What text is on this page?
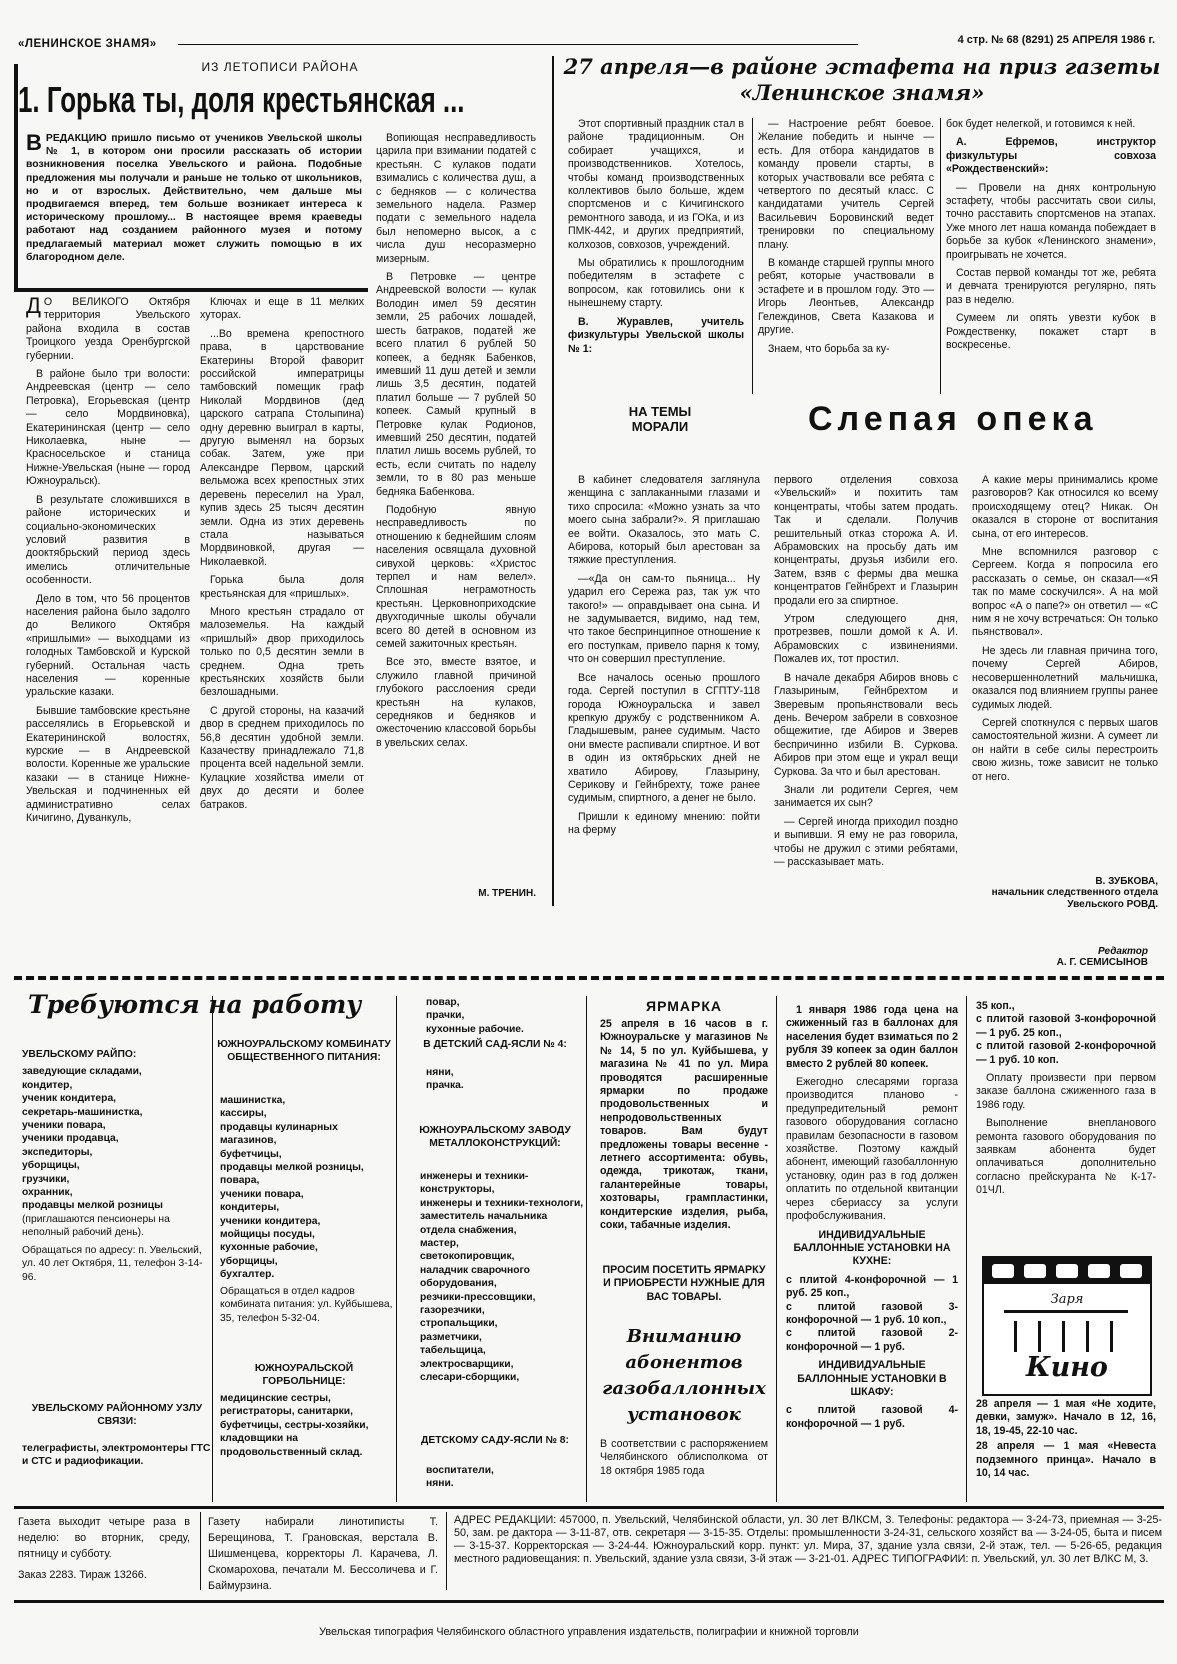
«ЛЕНИНСКОЕ ЗНАМЯ»	4 стр. № 68 (8291) 25 АПРЕЛЯ 1986 г.
ИЗ ЛЕТОПИСИ РАЙОНА
1. Горька ты, доля крестьянская ...
ВРЕДАКЦИЮ пришло письмо от учеников Увельской школы № 1, в котором они просили рассказать об истории возникновения поселка Увельского и района. Подобные предложения мы получали и раньше не только от школьников, но и от взрослых. Действительно, чем дальше мы продвигаемся вперед, тем больше возникает интереса к историческому прошлому... В настоящее время краеведы работают над созданием районного музея и потому предлагаемый материал может служить помощью в их благородном деле.

Вопиющая несправедливость царила при взимании податей с крестьян. С кулаков подати взимались с количества душ, а с бедняков — с количества земельного надела. Размер подати с земельного надела был непомерно высок, а с числа душ несоразмерно мизерным.

В Петровке — центре Андреевской волости — кулак Володин имел 59 десятин земли, 25 рабочих лошадей, шесть батраков, податей же всего платил 6 рублей 50 копеек, а бедняк Бабенков, имевший 11 душ детей и земли лишь 3,5 десятин, податей платил больше — 7 рублей 50 копеек. Самый крупный в Петровке кулак Родионов, имевший 250 десятин, податей платил лишь восемь рублей, то есть, если считать по наделу земли, то в 80 раз меньше бедняка Бабенкова.

Подобную явную несправедливость по отношению к беднейшим слоям населения освящала духовной сивухой церковь: «Христос терпел и нам велел». Сплошная неграмотность крестьян. Церковноприходские двухгодичные школы обучали всего 80 детей в основном из семей зажиточных крестьян.

Все это, вместе взятое, и служило главной причиной глубокого расслоения среди крестьян на кулаков, середняков и бедняков и ожесточению классовой борьбы в увельских селах.

М. ТРЕНИН.

Д О ВЕЛИКОГО Октября территория Увельского района входила в состав Троицкого уезда Оренбургской губернии.

В районе было три волости: Андреевская (центр — село Петровка), Егорьевская (центр — село Мордвиновка), Екатерининская (центр — село Николаевка, ныне — Красносельское и станица Нижне-Увельская (ныне — город Южноуральск).

В результате сложившихся в районе исторических и социально-экономических условий развития в дооктябрьский период здесь имелись отличительные особенности.

Дело в том, что 56 процентов населения района было задолго до Великого Октября «пришлыми» — выходцами из голодных Тамбовской и Курской губерний. Остальная часть населения — коренные уральские казаки.

Бывшие тамбовские крестьяне расселялись в Егорьевской и Екатерининской волостях, курские — в Андреевской волости. Коренные же уральские казаки — в станице Нижне-Увельская и подчиненных ей административно селах Кичигино, Дуванкуль,

Ключах и еще в 11 мелких хуторах.

...Во времена крепостного права, в царствование Екатерины Второй фаворит российской императрицы тамбовский помещик граф Николай Мордвинов (дед царского сатрапа Столыпина) одну деревню выиграл в карты, другую выменял на борзых собак. Затем, уже при Александре Первом, царский вельможа всех крепостных этих деревень переселил на Урал, купив здесь 25 тысяч десятин земли. Одна из этих деревень стала называться Мордвиновкой, другая — Николаевкой.

Горька была доля крестьянская для «пришлых».

Много крестьян страдало от малоземелья. На каждый «пришлый» двор приходилось только по 0,5 десятин земли в среднем. Одна треть крестьянских хозяйств были безлошадными.

С другой стороны, на казачий двор в среднем приходилось по 56,8 десятин удобной земли. Казачеству принадлежало 71,8 процента всей надельной земли. Кулацкие хозяйства имели от двух до десяти и более батраков.

27 апреля—в районе эстафета на приз газеты
«Ленинское знамя»

Этот спортивный праздник стал в районе традиционным. Он собирает учащихся, и производственников. Хотелось, чтобы команд производственных коллективов было больше, ждем спортсменов и с Кичигинского ремонтного завода, и из ГОКа, и из ПМК-442, и других предприятий, колхозов, совхозов, учреждений.

Мы обратились к прошлогодним победителям в эстафете с вопросом, как готовились они к нынешнему старту.

В. Журавлев, учитель физкультуры Увельской школы № 1:

— Настроение ребят боевое. Желание победить и нынче — есть. Для отбора кандидатов в команду провели старты, в которых участвовали все ребята с четвертого по десятый класс. С кандидатами учитель Сергей Васильевич Боровинский ведет тренировки по специальному плану.

В команде старшей группы много ребят, которые участвовали в эстафете и в прошлом году. Это — Игорь Леонтьев, Александр Гележдинов, Света Казакова и другие.

Знаем, что борьба за ку-

бок будет нелегкой, и готовимся к ней.

А. Ефремов, инструктор физкультуры совхоза «Рождественский»:

— Провели на днях контрольную эстафету, чтобы рассчитать свои силы, точно расставить спортсменов на этапах. Уже много лет наша команда побеждает в борьбе за кубок «Ленинского знамени», проигрывать не хочется.

Состав первой команды тот же, ребята и девчата тренируются регулярно, пять раз в неделю.

Сумеем ли опять увезти кубок в Рождественку, покажет старт в воскресенье.

НА ТЕМЫ
МОРАЛИ	Слепая опека

В кабинет следователя заглянула женщина с заплаканными глазами и тихо спросила: «Можно узнать за что моего сына забрали?». Я приглашаю ее войти. Оказалось, это мать С. Абирова, который был арестован за тяжкие преступления.

—«Да он сам-то пьяница... Ну ударил его Сережа раз, так уж что такого!» — оправдывает она сына. И не задумывается, видимо, над тем, что такое беспринципное отношение к его поступкам, привело парня к тому, что он совершил преступление.

Все началось осенью прошлого года. Сергей поступил в СГПТУ-118 города Южноуральска и завел крепкую дружбу с родственником А. Гладышевым, ранее судимым. Часто они вместе распивали спиртное. И вот в один из октябрьских дней не хватило Абирову, Глазырину, Серикову и Гейнбрехту, тоже ранее судимым, спиртного, а денег не было.

Пришли к единому мнению: пойти на ферму

первого отделения совхоза «Увельский» и похитить там концентраты, чтобы затем продать. Так и сделали. Получив решительный отказ сторожа А. И. Абрамовских на просьбу дать им концентраты, друзья избили его. Затем, взяв с фермы два мешка концентратов Гейнбрехт и Глазырин продали его за спиртное.

Утром следующего дня, протрезвев, пошли домой к А. И. Абрамовских с извинениями. Пожалев их, тот простил.

В начале декабря Абиров вновь с Глазыриным, Гейнбрехтом и Зверевым пропьянствовали весь день. Вечером забрели в совхозное общежитие, где Абиров и Зверев беспричинно избили В. Суркова. Абиров при этом еще и украл вещи Суркова. За что и был арестован.

Знали ли родители Сергея, чем занимается их сын?

— Сергей иногда приходил поздно и выпивши. Я ему не раз говорила, чтобы не дружил с этими ребятами, — рассказывает мать.

А какие меры принимались кроме разговоров? Как относился ко всему происходящему отец? Никак. Он оказался в стороне от воспитания сына, от его интересов.

Мне вспомнился разговор с Сергеем. Когда я попросила его рассказать о семье, он сказал—«Я так по маме соскучился». А на мой вопрос «А о папе?» он ответил — «С ним я не хочу встречаться: Он только пьянствовал».

Не здесь ли главная причина того, почему Сергей Абиров, несовершеннолетний мальчишка, оказался под влиянием группы ранее судимых людей.

Сергей споткнулся с первых шагов самостоятельной жизни. А сумеет ли он найти в себе силы перестроить свою жизнь, тоже зависит не только от него.

В. ЗУБКОВА,
начальник следственного отдела Увельского РОВД.
Редактор
А. Г. СЕМИСЫНОВ
Требуются на работу
УВЕЛЬСКОМУ РАЙПО:
заведующие складами,
кондитер,
ученик кондитера,
секретарь-машинистка,
ученики повара,
ученики продавца,
экспедиторы,
уборщицы,
грузчики,
охранник,
продавцы мелкой розницы
(приглашаются пенсионеры на неполный рабочий день).
Обращаться по адресу: п. Увельский, ул. 40 лет Октября, 11, телефон 3-14-96.
УВЕЛЬСКОМУ РАЙОННОМУ УЗЛУ СВЯЗИ:
телеграфисты, электромонтеры ГТС и СТС и радиофикации.
ЮЖНОУРАЛЬСКОМУ КОМБИНАТУ ОБЩЕСТВЕННОГО ПИТАНИЯ:
машинистка,
кассиры,
продавцы кулинарных магазинов,
буфетчицы,
продавцы мелкой розницы,
повара,
ученики повара,
кондитеры,
ученики кондитера,
мойщицы посуды,
кухонные рабочие,
уборщицы,
бухгалтер.
Обращаться в отдел кадров комбината питания: ул. Куйбышева, 35, телефон 5-32-04.
ЮЖНОУРАЛЬСКОЙ ГОРБОЛЬНИЦЕ:
медицинские сестры, регистраторы, санитарки, буфетчицы, сестры-хозяйки, кладовщики на продовольственный склад.
повар,
прачки,
кухонные рабочие.
В ДЕТСКИЙ САД-ЯСЛИ № 4:
няни,
прачка.
ЮЖНОУРАЛЬСКОМУ ЗАВОДУ МЕТАЛЛОКОНСТРУКЦИЙ:
инженеры и техники-конструкторы,
инженеры и техники-технологи,
заместитель начальника отдела снабжения,
мастер,
светокопировщик,
наладчик сварочного оборудования,
резчики-прессовщики,
газорезчики,
стропальщики,
разметчики,
табельщица,
электросварщики,
слесари-сборщики,
ДЕТСКОМУ САДУ-ЯСЛИ № 8:
воспитатели,
няни.
ЯРМАРКА
25 апреля в 16 часов в г. Южноуральске у магазинов №№ 14, 5 по ул. Куйбышева, у магазина № 41 по ул. Мира проводятся расширенные ярмарки по продаже продовольственных и непродовольственных товаров. Вам будут предложены товары весенне - летнего ассортимента: обувь, одежда, трикотаж, ткани, галантерейные товары, хозтовары, грампластинки, кондитерские изделия, рыба, соки, табачные изделия.
ПРОСИМ ПОСЕТИТЬ ЯРМАРКУ И ПРИОБРЕСТИ НУЖНЫЕ ДЛЯ ВАС ТОВАРЫ.
Вниманию абонентов газобаллонных установок
В соответствии с распоряжением Челябинского облисполкома от 18 октября 1985 года

1 января 1986 года цена на сжиженный газ в баллонах для населения будет взиматься по 2 рубля 39 копеек за один баллон вместо 2 рублей 80 копеек.

Ежегодно слесарями горгаза производится планово - предупредительный ремонт газового оборудования согласно правилам безопасности в газовом хозяйстве. Поэтому каждый абонент, имеющий газобаллонную установку, один раз в год должен оплатить по отдельной квитанции через сбериассу за услуги профобслуживания.

ИНДИВИДУАЛЬНЫЕ БАЛЛОННЫЕ УСТАНОВКИ НА КУХНЕ:

с плитой 4-конфорочной — 1 руб. 25 коп.,

с плитой газовой 3-конфорочной — 1 руб. 10 коп.,

с плитой газовой 2-конфорочной — 1 руб.

ИНДИВИДУАЛЬНЫЕ БАЛЛОННЫЕ УСТАНОВКИ В ШКАФУ:

с плитой газовой 4-конфорочной — 1 руб.

35 коп.,

с плитой газовой 3-конфорочной — 1 руб. 25 коп.,

с плитой газовой 2-конфорочной — 1 руб. 10 коп.

Оплату произвести при первом заказе баллона сжиженного газа в 1986 году.

Выполнение внепланового ремонта газового оборудования по заявкам абонента будет оплачиваться дополнительно согласно прейскуранта № К-17-01ЧЛ.

Заря
Кино

28 апреля — 1 мая «Не ходите, девки, замуж». Начало в 12, 16, 18, 19-45, 22-10 час.

28 апреля — 1 мая «Невеста подземного принца». Начало в 10, 14 час.

Газета выходит четыре раза в неделю: во вторник, среду, пятницу и субботу.

Заказ 2283. Тираж 13266.

Газету набирали линотиписты Т. Берещинова, Т. Грановская, верстала В. Шишменцева, корректоры Л. Карачева, Л. Скомарохова, печатали М. Бессоличева и Г. Баймурзина.
АДРЕС РЕДАКЦИИ: 457000, п. Увельский, Челябинской области, ул. 30 лет ВЛКСМ, 3. Телефоны: редактора — 3-24-73, приемная — 3-25-50, зам. ре дактора — 3-11-87, отв. секретаря — 3-15-35. Отделы: промышленности 3-24-31, сельского хозяйст ва — 3-24-05, быта и писем — 3-15-37. Корректорская — 3-24-44. Южноуральский корр. пункт: ул. Мира, 37, здание узла связи, 2-й этаж, тел. — 5-26-65, редакция местного радиовещания: п. Увельский, здание узла связи, 3-й этаж — 3-21-01. АДРЕС ТИПОГРАФИИ: п. Увельский, ул. 30 лет ВЛКС М, 3.
Увельская типография Челябинского областного управления издательств, полиграфии и книжной торговли
